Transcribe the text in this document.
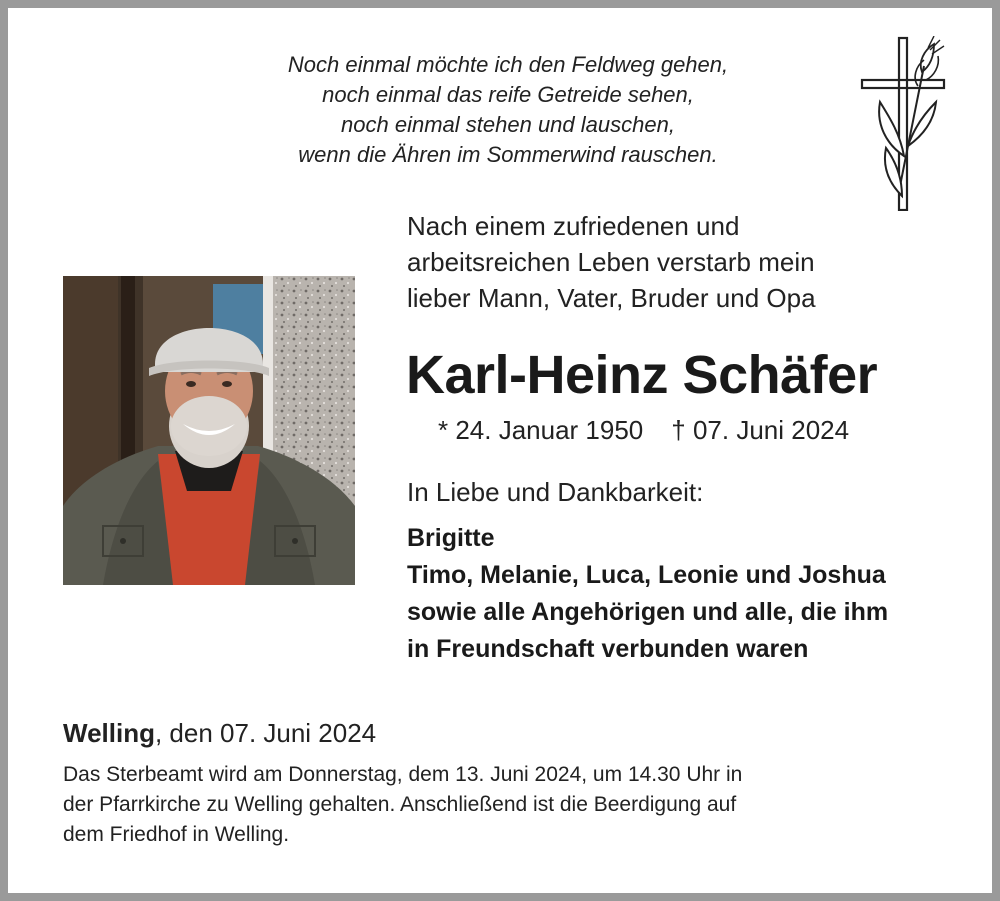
Noch einmal möchte ich den Feldweg gehen,
noch einmal das reife Getreide sehen,
noch einmal stehen und lauschen,
wenn die Ähren im Sommerwind rauschen.
Nach einem zufriedenen und
arbeitsreichen Leben verstarb mein
lieber Mann, Vater, Bruder und Opa
Karl-Heinz Schäfer
* 24. Januar 1950 † 07. Juni 2024
In Liebe und Dankbarkeit:
Brigitte
Timo, Melanie, Luca, Leonie und Joshua
sowie alle Angehörigen und alle, die ihm
in Freundschaft verbunden waren
Welling, den 07. Juni 2024
Das Sterbeamt wird am Donnerstag, dem 13. Juni 2024, um 14.30 Uhr in
der Pfarrkirche zu Welling gehalten. Anschließend ist die Beerdigung auf
dem Friedhof in Welling.
